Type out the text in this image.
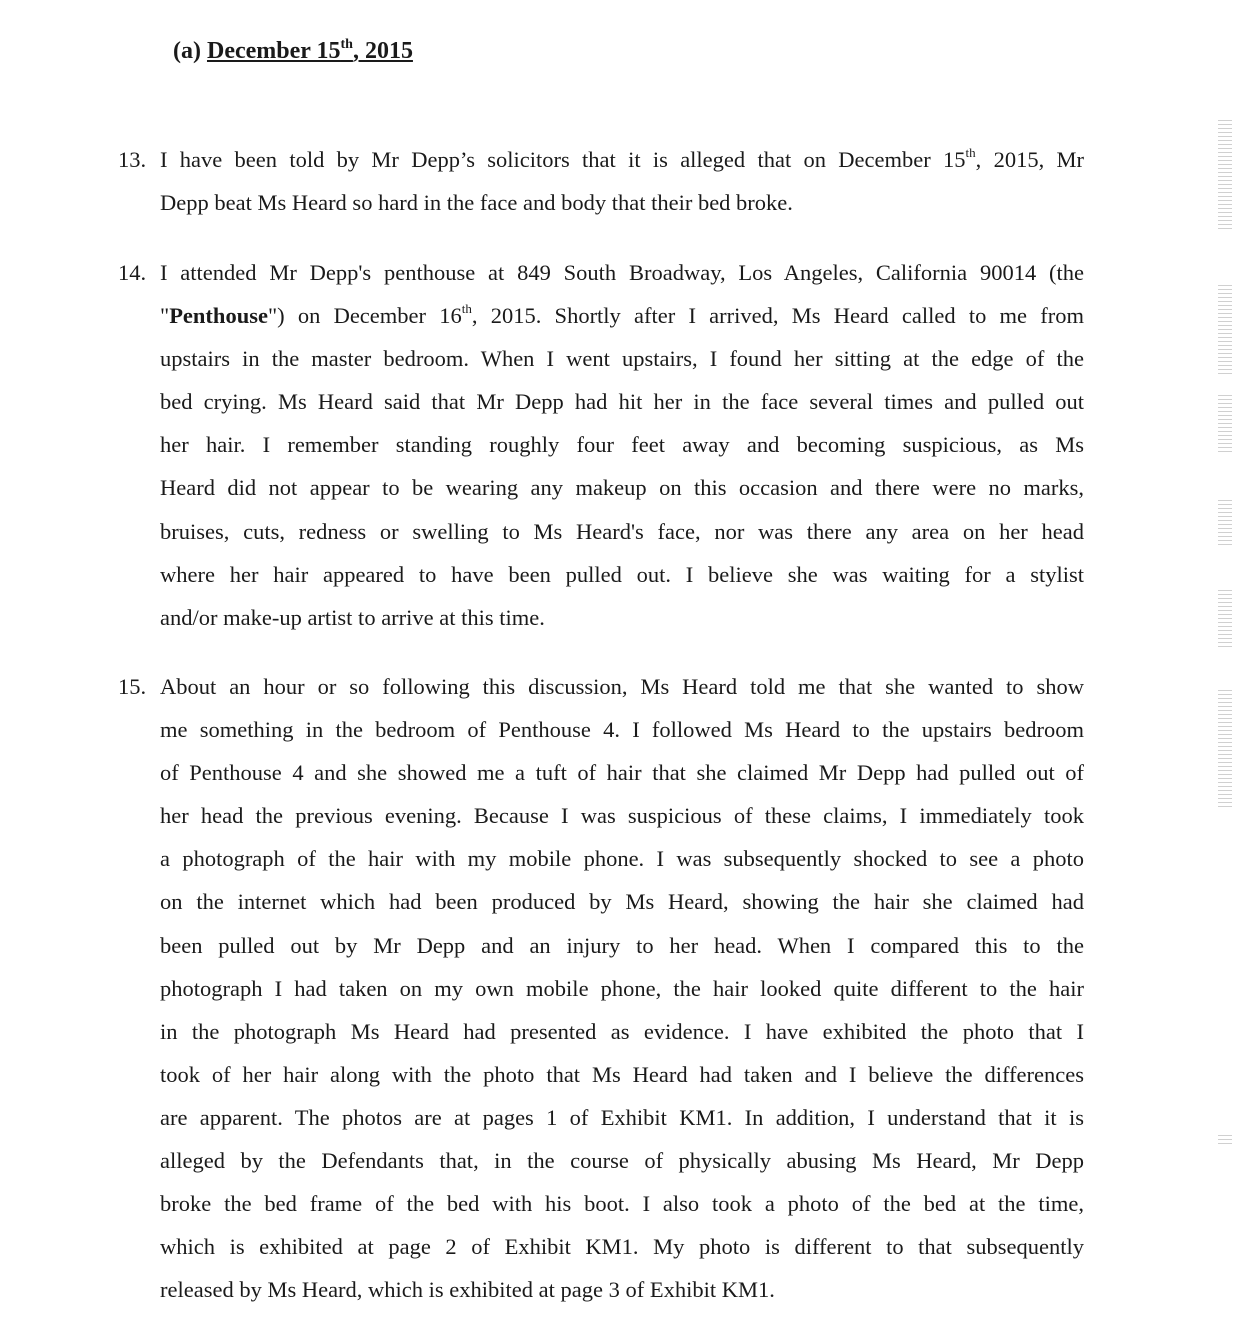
(a) December 15th, 2015
13. I have been told by Mr Depp’s solicitors that it is alleged that on December 15th, 2015, Mr
Depp beat Ms Heard so hard in the face and body that their bed broke.
14. I attended Mr Depp's penthouse at 849 South Broadway, Los Angeles, California 90014 (the
"Penthouse") on December 16th, 2015. Shortly after I arrived, Ms Heard called to me from
upstairs in the master bedroom. When I went upstairs, I found her sitting at the edge of the
bed crying. Ms Heard said that Mr Depp had hit her in the face several times and pulled out
her hair. I remember standing roughly four feet away and becoming suspicious, as Ms
Heard did not appear to be wearing any makeup on this occasion and there were no marks,
bruises, cuts, redness or swelling to Ms Heard's face, nor was there any area on her head
where her hair appeared to have been pulled out. I believe she was waiting for a stylist
and/or make-up artist to arrive at this time.
15. About an hour or so following this discussion, Ms Heard told me that she wanted to show
me something in the bedroom of Penthouse 4. I followed Ms Heard to the upstairs bedroom
of Penthouse 4 and she showed me a tuft of hair that she claimed Mr Depp had pulled out of
her head the previous evening. Because I was suspicious of these claims, I immediately took
a photograph of the hair with my mobile phone. I was subsequently shocked to see a photo
on the internet which had been produced by Ms Heard, showing the hair she claimed had
been pulled out by Mr Depp and an injury to her head. When I compared this to the
photograph I had taken on my own mobile phone, the hair looked quite different to the hair
in the photograph Ms Heard had presented as evidence. I have exhibited the photo that I
took of her hair along with the photo that Ms Heard had taken and I believe the differences
are apparent. The photos are at pages 1 of Exhibit KM1. In addition, I understand that it is
alleged by the Defendants that, in the course of physically abusing Ms Heard, Mr Depp
broke the bed frame of the bed with his boot. I also took a photo of the bed at the time,
which is exhibited at page 2 of Exhibit KM1. My photo is different to that subsequently
released by Ms Heard, which is exhibited at page 3 of Exhibit KM1.
